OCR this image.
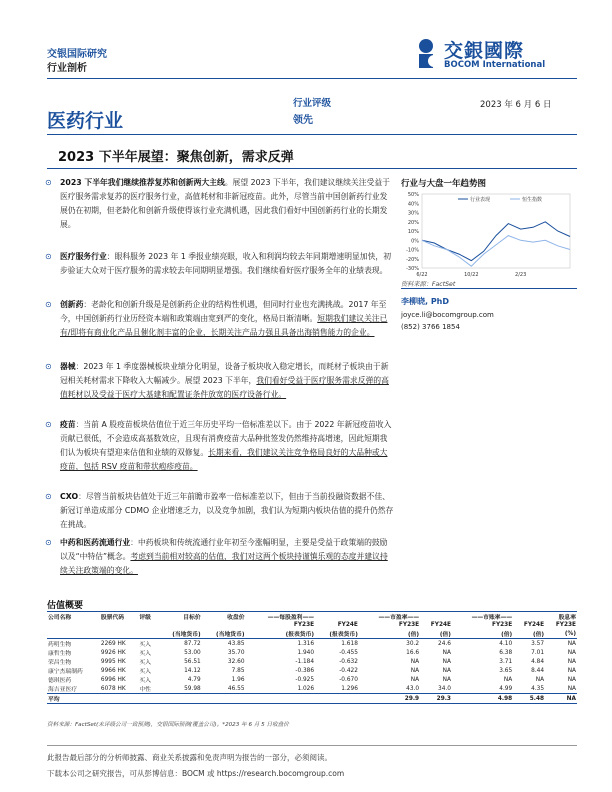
交银国际研究
行业剖析
交銀國際
BOCOM International
医药行业
行业评级
领先
2023 年 6 月 6 日
2023 下半年展望：聚焦创新，需求反弹
⊙ 2023 下半年我们继续推荐复苏和创新两大主线。展望 2023 下半年，我们建议继续关注受益于医疗服务需求复苏的医疗服务行业，高值耗材和非新冠疫苗。此外，尽管当前中国创新药行业发展仍在初期，但老龄化和创新升级使得该行业充满机遇，因此我们看好中国创新药行业的长期发展。
⊙ 医疗服务行业：眼科服务 2023 年 1 季报业绩亮眼，收入和利润均较去年同期增速明显加快，初步验证大众对于医疗服务的需求较去年同期明显增强。我们继续看好医疗服务全年的业绩表现。
⊙ 创新药：老龄化和创新升级是是创新药企业的结构性机遇，但同时行业也充满挑战。2017 年至今，中国创新药行业历经资本端和政策端由宽到严的变化，格局日渐清晰。短期我们建议关注已有/即将有商业化产品且催化剂丰富的企业，长期关注产品力强且具备出海销售能力的企业。
⊙ 器械：2023 年 1 季度器械板块业绩分化明显，设备子板块收入稳定增长，而耗材子板块由于新冠相关耗材需求下降收入大幅减少。展望 2023 下半年，我们看好受益于医疗服务需求反弹的高值耗材以及受益于医疗大基建和配置证条件放宽的医疗设备行业。
⊙ 疫苗：当前 A 股疫苗板块估值位于近三年历史平均一倍标准差以下。由于 2022 年新冠疫苗收入贡献已很低，不会造成高基数效应，且现有消费疫苗大品种批签发仍然维持高增速，因此短期我们认为板块有望迎来估值和业绩的双修复。长期来看，我们建议关注竞争格局良好的大品种或大疫苗，包括 RSV 疫苗和带状疱疹疫苗。
⊙ CXO：尽管当前板块估值处于近三年前瞻市盈率一倍标准差以下，但由于当前投融资数据不佳、新冠订单造成部分 CDMO 企业增速乏力，以及竞争加剧，我们认为短期内板块估值的提升仍然存在挑战。
⊙ 中药和医药流通行业：中药板块和传统流通行业年初至今涨幅明显，主要是受益于政策端的鼓励以及“中特估”概念。考虑到当前相对较高的估值，我们对这两个板块持谨慎乐观的态度并建议持续关注政策端的变化。
行业与大盘一年趋势图
50%
40%
30%
20%
10%
0%
-10%
-20%
-30%
6/22	10/22	2/23
行业表现	恒生指数
资料来源：FactSet
李柳晓, PhD
joyce.li@bocomgroup.com
(852) 3766 1854
估值概要
公司名称	股票代码	评级	目标价	收盘价	——每股盈利——		——市盈率——		——市账率——		股息率
					FY23E	FY24E	FY23E	FY24E	FY23E	FY24E	FY23E
			(当地货币)	(当地货币)	(报表货币)	(报表货币)	(倍)	(倍)	(倍)	(倍)	(%)
药明生物	2269 HK	买入	87.72	43.85	1.316	1.618	30.2	24.6	4.10	3.57	NA
康哲生物	9926 HK	买入	53.00	35.70	1.940	-0.455	16.6	NA	6.38	7.01	NA
荣昌生物	9995 HK	买入	56.51	32.60	-1.184	-0.632	NA	NA	3.71	4.84	NA
康宁杰瑞制药	9966 HK	买入	14.12	7.85	-0.386	-0.422	NA	NA	3.65	8.44	NA
德琪医药	6996 HK	买入	4.79	1.96	-0.925	-0.670	NA	NA	NA	NA	NA
海吉亚医疗	6078 HK	中性	59.98	46.55	1.026	1.296	43.0	34.0	4.99	4.35	NA
平均							29.9	29.3	4.98	5.48	NA
资料来源：FactSet(未评级公司一致预测)，交银国际预测(覆盖公司)。*2023 年 6 月 5 日收盘价
此报告最后部分的分析师披露、商业关系披露和免责声明为报告的一部分，必须阅读。
下载本公司之研究报告，可从彭博信息：BOCM 或 https://research.bocomgroup.com
